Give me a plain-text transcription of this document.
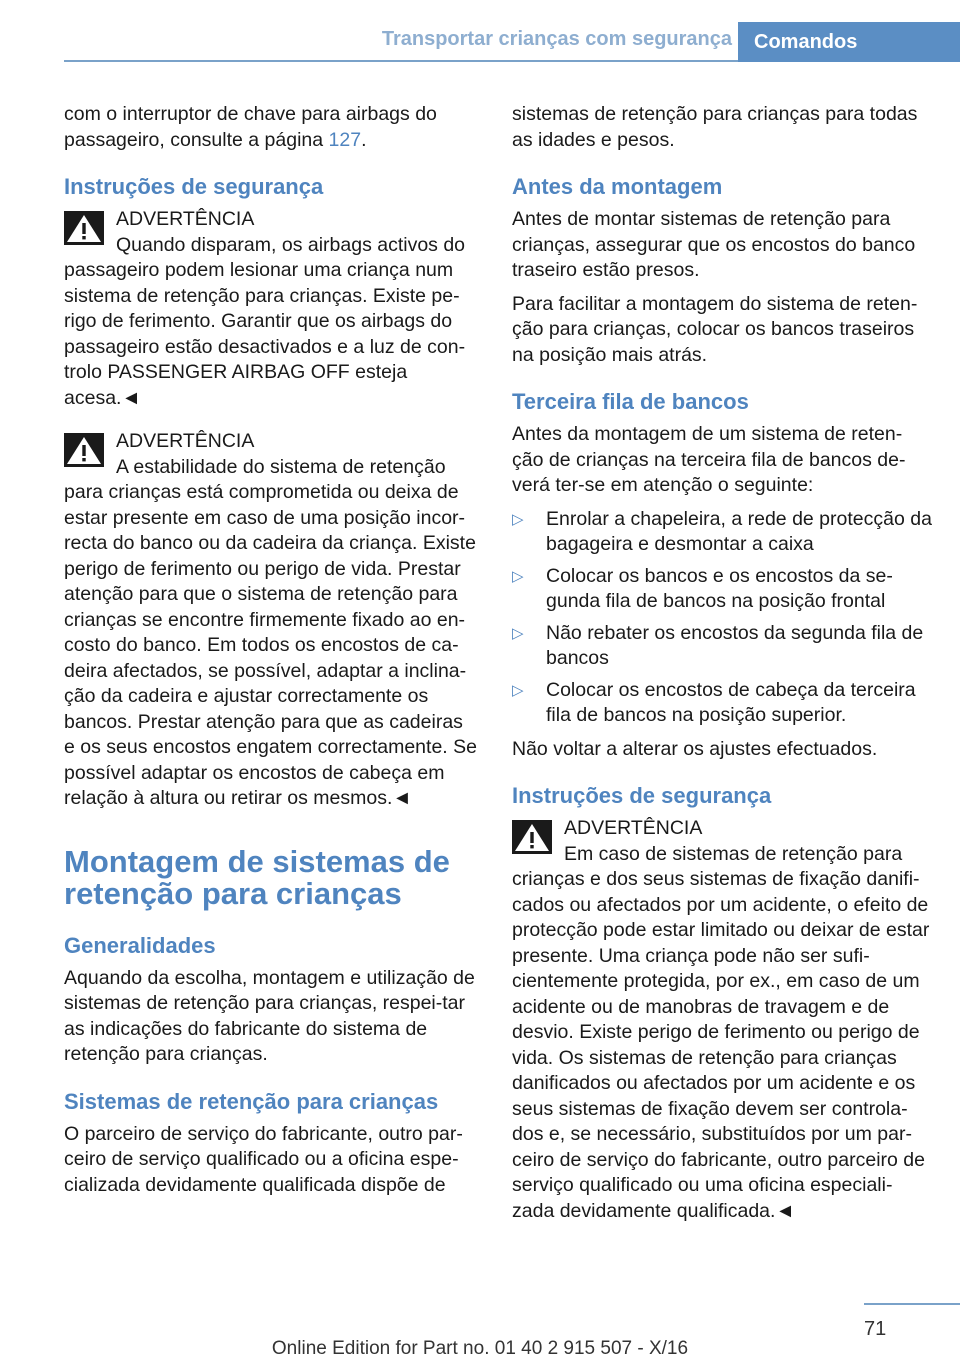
Transportar crianças com segurança	Comandos

com o interruptor de chave para airbags do passageiro, consulte a página 127.

Instruções de segurança
ADVERTÊNCIA
Quando disparam, os airbags activos do passageiro podem lesionar uma criança num sistema de retenção para crianças. Existe pe-rigo de ferimento. Garantir que os airbags do passageiro estão desactivados e a luz de con-trolo PASSENGER AIRBAG OFF esteja acesa.◄
ADVERTÊNCIA
A estabilidade do sistema de retenção para crianças está comprometida ou deixa de estar presente em caso de uma posição incor-recta do banco ou da cadeira da criança. Existe perigo de ferimento ou perigo de vida. Prestar atenção para que o sistema de retenção para crianças se encontre firmemente fixado ao en-costo do banco. Em todos os encostos de ca-deira afectados, se possível, adaptar a inclina-ção da cadeira e ajustar correctamente os bancos. Prestar atenção para que as cadeiras e os seus encostos engatem correctamente. Se possível adaptar os encostos de cabeça em relação à altura ou retirar os mesmos.◄
Montagem de sistemas de retenção para crianças
Generalidades

Aquando da escolha, montagem e utilização de sistemas de retenção para crianças, respei-tar as indicações do fabricante do sistema de retenção para crianças.

Sistemas de retenção para crianças

O parceiro de serviço do fabricante, outro par-ceiro de serviço qualificado ou a oficina espe-cializada devidamente qualificada dispõe de

sistemas de retenção para crianças para todas as idades e pesos.

Antes da montagem

Antes de montar sistemas de retenção para crianças, assegurar que os encostos do banco traseiro estão presos.

Para facilitar a montagem do sistema de reten-ção para crianças, colocar os bancos traseiros na posição mais atrás.

Terceira fila de bancos

Antes da montagem de um sistema de reten-ção de crianças na terceira fila de bancos de-verá ter-se em atenção o seguinte:

▷ Enrolar a chapeleira, a rede de protecção da bagageira e desmontar a caixa
▷ Colocar os bancos e os encostos da se-gunda fila de bancos na posição frontal
▷ Não rebater os encostos da segunda fila de bancos
▷ Colocar os encostos de cabeça da terceira fila de bancos na posição superior.

Não voltar a alterar os ajustes efectuados.

Instruções de segurança
ADVERTÊNCIA
Em caso de sistemas de retenção para crianças e dos seus sistemas de fixação danifi-cados ou afectados por um acidente, o efeito de protecção pode estar limitado ou deixar de estar presente. Uma criança pode não ser sufi-cientemente protegida, por ex., em caso de um acidente ou de manobras de travagem e de desvio. Existe perigo de ferimento ou perigo de vida. Os sistemas de retenção para crianças danificados ou afectados por um acidente e os seus sistemas de fixação devem ser controla-dos e, se necessário, substituídos por um par-ceiro de serviço do fabricante, outro parceiro de serviço qualificado ou uma oficina especiali-zada devidamente qualificada.◄
71
Online Edition for Part no. 01 40 2 915 507 - X/16
